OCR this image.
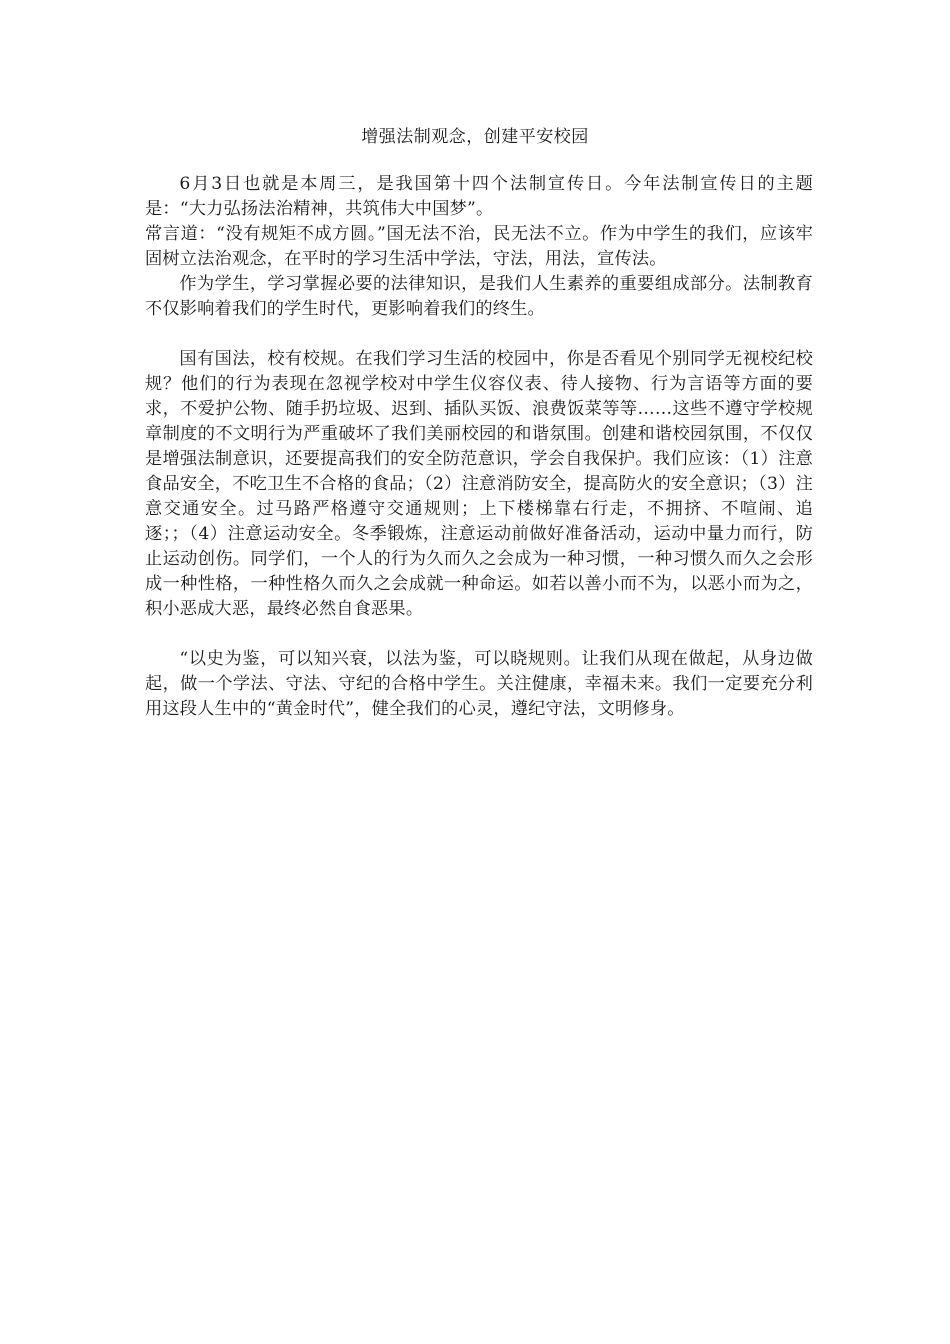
增强法制观念，创建平安校园

6月3日也就是本周三，是我国第十四个法制宣传日。今年法制宣传日的主题是：“大力弘扬法治精神，共筑伟大中国梦”。

常言道：“没有规矩不成方圆。”国无法不治，民无法不立。作为中学生的我们，应该牢固树立法治观念，在平时的学习生活中学法，守法，用法，宣传法。

作为学生，学习掌握必要的法律知识，是我们人生素养的重要组成部分。法制教育不仅影响着我们的学生时代，更影响着我们的终生。

国有国法，校有校规。在我们学习生活的校园中，你是否看见个别同学无视校纪校规？他们的行为表现在忽视学校对中学生仪容仪表、待人接物、行为言语等方面的要求，不爱护公物、随手扔垃圾、迟到、插队买饭、浪费饭菜等等……这些不遵守学校规章制度的不文明行为严重破坏了我们美丽校园的和谐氛围。创建和谐校园氛围，不仅仅是增强法制意识，还要提高我们的安全防范意识，学会自我保护。我们应该：（1）注意食品安全，不吃卫生不合格的食品；（2）注意消防安全，提高防火的安全意识；（3）注意交通安全。过马路严格遵守交通规则；上下楼梯靠右行走，不拥挤、不喧闹、追逐；；（4）注意运动安全。冬季锻炼，注意运动前做好准备活动，运动中量力而行，防止运动创伤。同学们，一个人的行为久而久之会成为一种习惯，一种习惯久而久之会形成一种性格，一种性格久而久之会成就一种命运。如若以善小而不为，以恶小而为之，积小恶成大恶，最终必然自食恶果。

“以史为鉴，可以知兴衰，以法为鉴，可以晓规则。让我们从现在做起，从身边做起，做一个学法、守法、守纪的合格中学生。关注健康，幸福未来。我们一定要充分利用这段人生中的“黄金时代”，健全我们的心灵，遵纪守法，文明修身。
